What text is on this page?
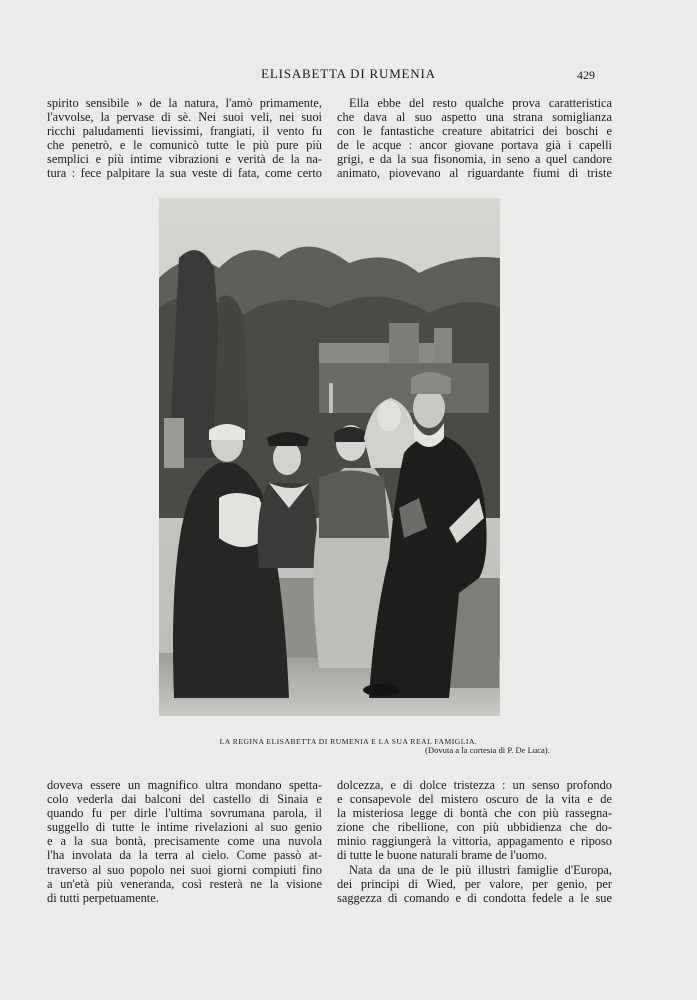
ELISABETTA DI RUMENIA	429
spirito sensibile » de la natura, l'amò primamente,
l'avvolse, la pervase di sè. Nei suoi veli, nei suoi
ricchi paludamenti lievissimi, frangiati, il vento fu
che penetrò, e le comunicò tutte le più pure più
semplici e più intime vibrazioni e verità de la na-
tura : fece palpitare la sua veste di fata, come certo
Ella ebbe del resto qualche prova caratteristica
che dava al suo aspetto una strana somiglianza
con le fantastiche creature abitatrici dei boschi e
de le acque : ancor giovane portava già i capelli
grigi, e da la sua fisonomia, in seno a quel candore
animato, piovevano al riguardante fiumi di triste
LA REGINA ELISABETTA DI RUMENIA E LA SUA REAL FAMIGLIA.
(Dovuta a la cortesia di P. De Luca).
doveva essere un magnifico ultra mondano spetta-
colo vederla dai balconi del castello di Sinaia e
quando fu per dirle l'ultima sovrumana parola, il
suggello di tutte le intime rivelazioni al suo genio
e a la sua bontà, precisamente come una nuvola
l'ha involata da la terra al cielo. Come passò at-
traverso al suo popolo nei suoi giorni compiuti fino
a un'età più veneranda, così resterà ne la visione
di tutti perpetuamente.
dolcezza, e di dolce tristezza : un senso profondo
e consapevole del mistero oscuro de la vita e de
la misteriosa legge di bontà che con più rassegna-
zione che ribellione, con più ubbidienza che do-
minio raggiungerà la vittoria, appagamento e riposo
di tutte le buone naturali brame de l'uomo.
Nata da una de le più illustri famiglie d'Europa,
dei principi di Wied, per valore, per genio, per
saggezza di comando e di condotta fedele a le sue
